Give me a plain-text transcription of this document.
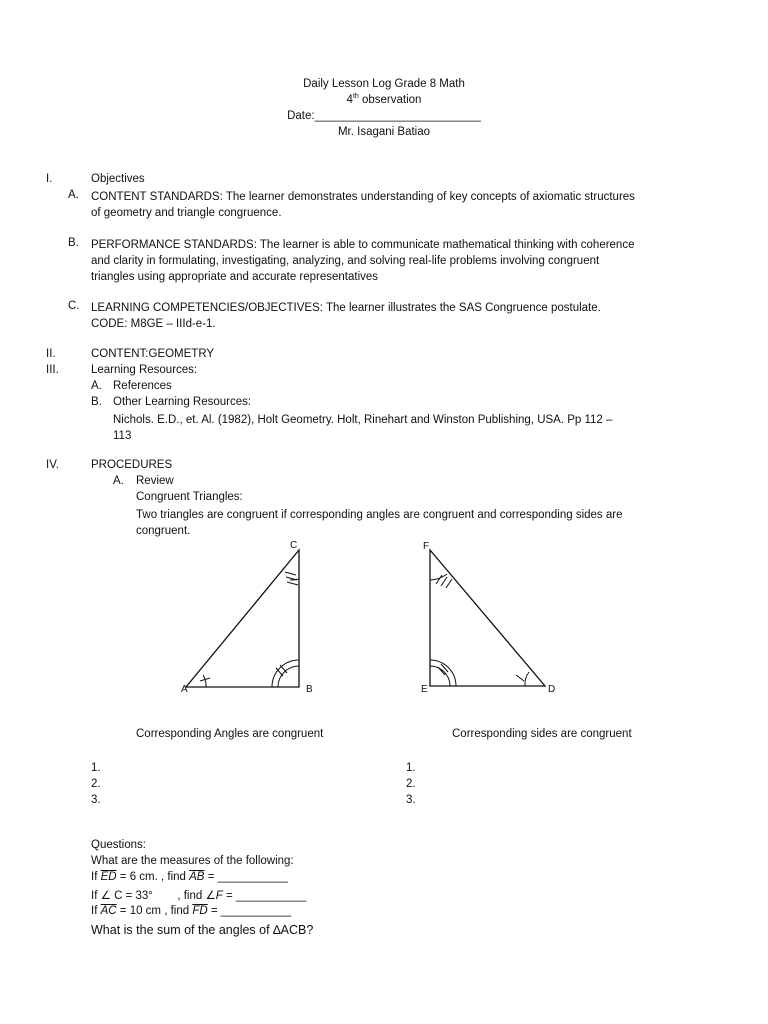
Daily Lesson Log Grade 8 Math
4th observation
Date:__________________________
Mr. Isagani Batiao
I.	Objectives
A. CONTENT STANDARDS: The learner demonstrates understanding of key concepts of axiomatic structures
of geometry and triangle congruence.
B. PERFORMANCE STANDARDS: The learner is able to communicate mathematical thinking with coherence
and clarity in formulating, investigating, analyzing, and solving real-life problems involving congruent
triangles using appropriate and accurate representatives
C. LEARNING COMPETENCIES/OBJECTIVES: The learner illustrates the SAS Congruence postulate.
CODE: M8GE – IIId-e-1.
II.	CONTENT:GEOMETRY
III.	Learning Resources:
A. References
B. Other Learning Resources:
Nichols. E.D., et. Al. (1982), Holt Geometry. Holt, Rinehart and Winston Publishing, USA. Pp 112 –
113
IV.	PROCEDURES
A. Review
Congruent Triangles:
Two triangles are congruent if corresponding angles are congruent and corresponding sides are
congruent.
A	B
C	F
E	D
Corresponding Angles are congruent	Corresponding sides are congruent
1.
2.
3.
1.
2.
3.
Questions:
What are the measures of the following:
If $\overline{ED} = 6$ cm. , find $\overline{AB}$ = ___________
If ∠ C = 33° , find ∠F = ___________
If $\overline{AC} = 10$ cm , find $\overline{FD}$ = ___________
What is the sum of the angles of ∆ACB?
